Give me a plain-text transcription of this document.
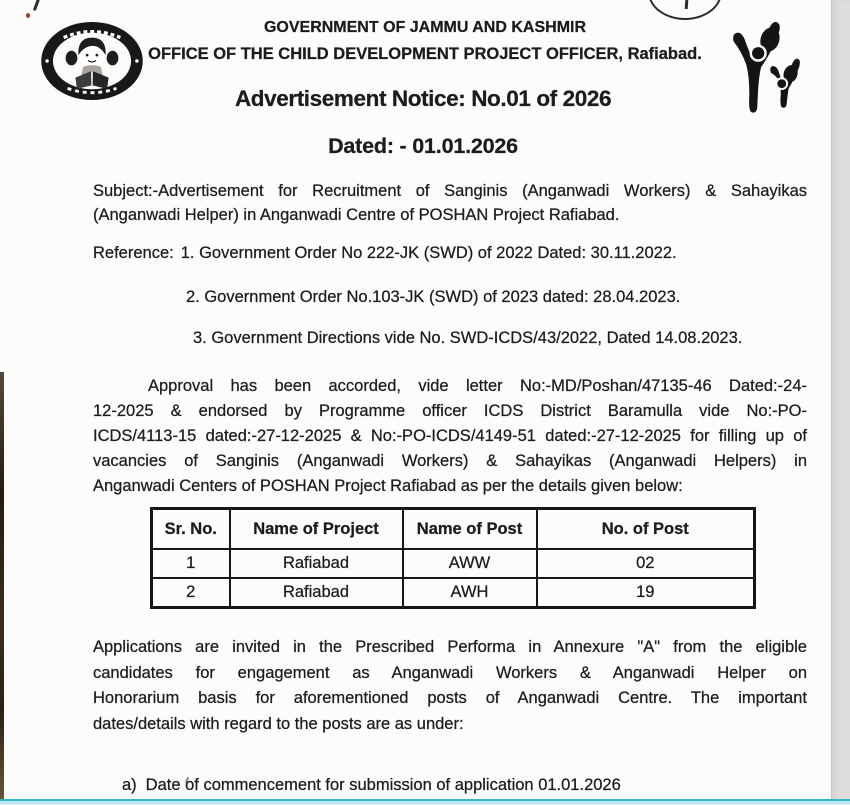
GOVERNMENT OF JAMMU AND KASHMIR
OFFICE OF THE CHILD DEVELOPMENT PROJECT OFFICER, Rafiabad.
Advertisement Notice: No.01 of 2026
Dated: - 01.01.2026
Subject:-Advertisement for Recruitment of Sanginis (Anganwadi Workers) & Sahayikas
(Anganwadi Helper) in Anganwadi Centre of POSHAN Project Rafiabad.
Reference: 1. Government Order No 222-JK (SWD) of 2022 Dated: 30.11.2022.
2. Government Order No.103-JK (SWD) of 2023 dated: 28.04.2023.
3. Government Directions vide No. SWD-ICDS/43/2022, Dated 14.08.2023.
Approval has been accorded, vide letter No:-MD/Poshan/47135-46 Dated:-24-
12-2025 & endorsed by Programme officer ICDS District Baramulla vide No:-PO-
ICDS/4113-15 dated:-27-12-2025 & No:-PO-ICDS/4149-51 dated:-27-12-2025 for filling up of
vacancies of Sanginis (Anganwadi Workers) & Sahayikas (Anganwadi Helpers) in
Anganwadi Centers of POSHAN Project Rafiabad as per the details given below:
Sr. No.	Name of Project	Name of Post	No. of Post
1	Rafiabad	AWW	02
2	Rafiabad	AWH	19
Applications are invited in the Prescribed Performa in Annexure "A" from the eligible
candidates for engagement as Anganwadi Workers & Anganwadi Helper on
Honorarium basis for aforementioned posts of Anganwadi Centre. The important
dates/details with regard to the posts are as under:
a) Date of commencement for submission of application 01.01.2026
